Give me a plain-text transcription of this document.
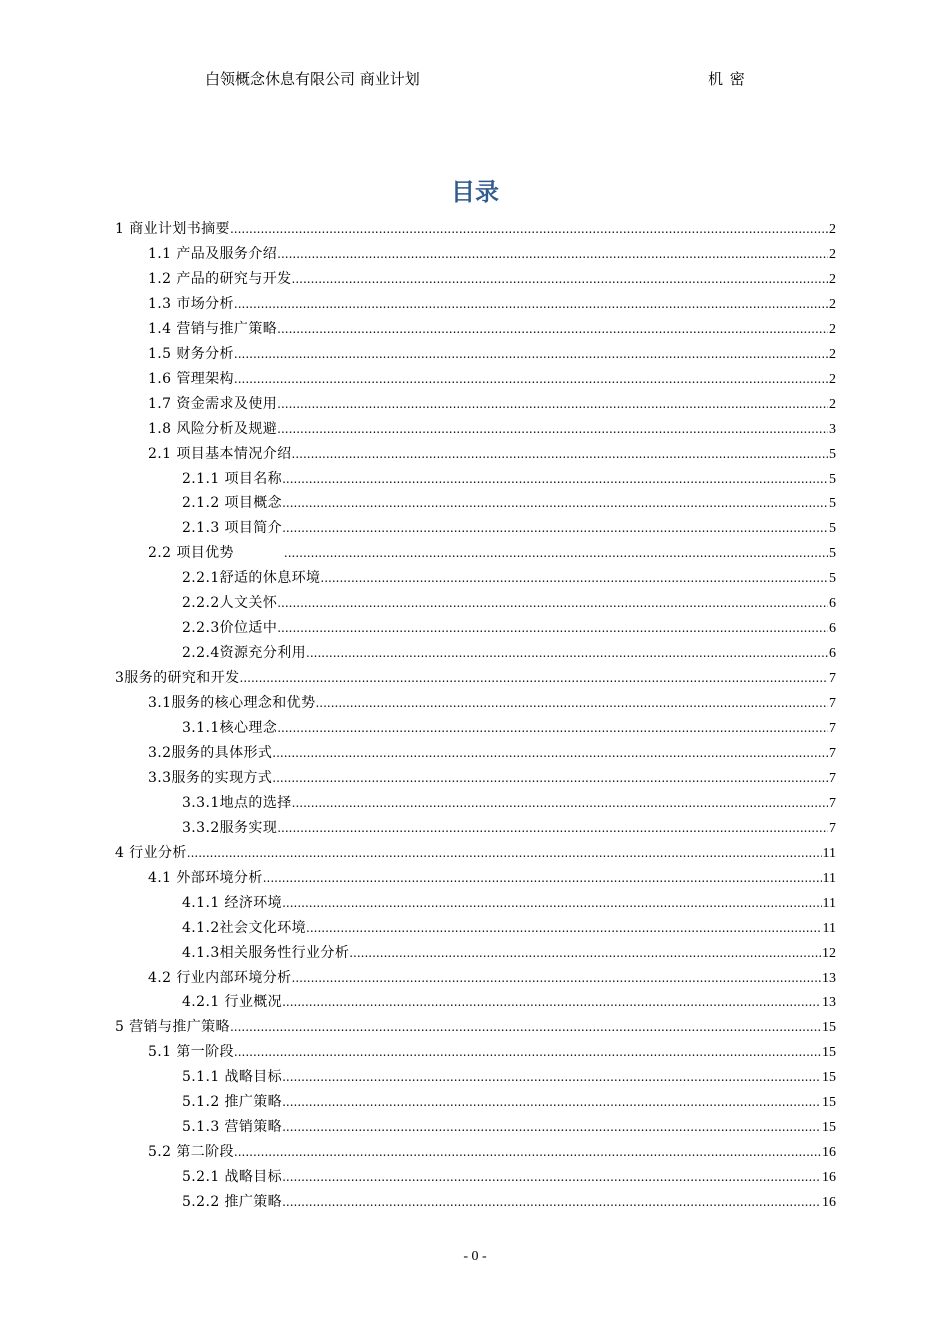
白领概念休息有限公司 商业计划	机 密
目录
1 商业计划书摘要 .....	2
1.1 产品及服务介绍 .....	2
1.2 产品的研究与开发 .....	2
1.3 市场分析 .....	2
1.4 营销与推广策略 .....	2
1.5 财务分析 .....	2
1.6 管理架构 .....	2
1.7 资金需求及使用 .....	2
1.8 风险分析及规避 .....	3
2.1 项目基本情况介绍 .....	5
2.1.1 项目名称 .....	5
2.1.2 项目概念 .....	5
2.1.3 项目简介 .....	5
2.2 项目优势 .....	5
2.2.1舒适的休息环境 .....	5
2.2.2人文关怀 .....	6
2.2.3价位适中 .....	6
2.2.4资源充分利用 .....	6
3服务的研究和开发 .....	7
3.1服务的核心理念和优势 .....	7
3.1.1核心理念 .....	7
3.2服务的具体形式 .....	7
3.3服务的实现方式 .....	7
3.3.1地点的选择 .....	7
3.3.2服务实现 .....	7
4 行业分析 .....	11
4.1 外部环境分析 .....	11
4.1.1 经济环境 .....	11
4.1.2社会文化环境 .....	11
4.1.3相关服务性行业分析 .....	12
4.2 行业内部环境分析 .....	13
4.2.1 行业概况 .....	13
5 营销与推广策略 .....	15
5.1 第一阶段 .....	15
5.1.1 战略目标 .....	15
5.1.2 推广策略 .....	15
5.1.3 营销策略 .....	15
5.2 第二阶段 .....	16
5.2.1 战略目标 .....	16
5.2.2 推广策略 .....	16
- 0 -
